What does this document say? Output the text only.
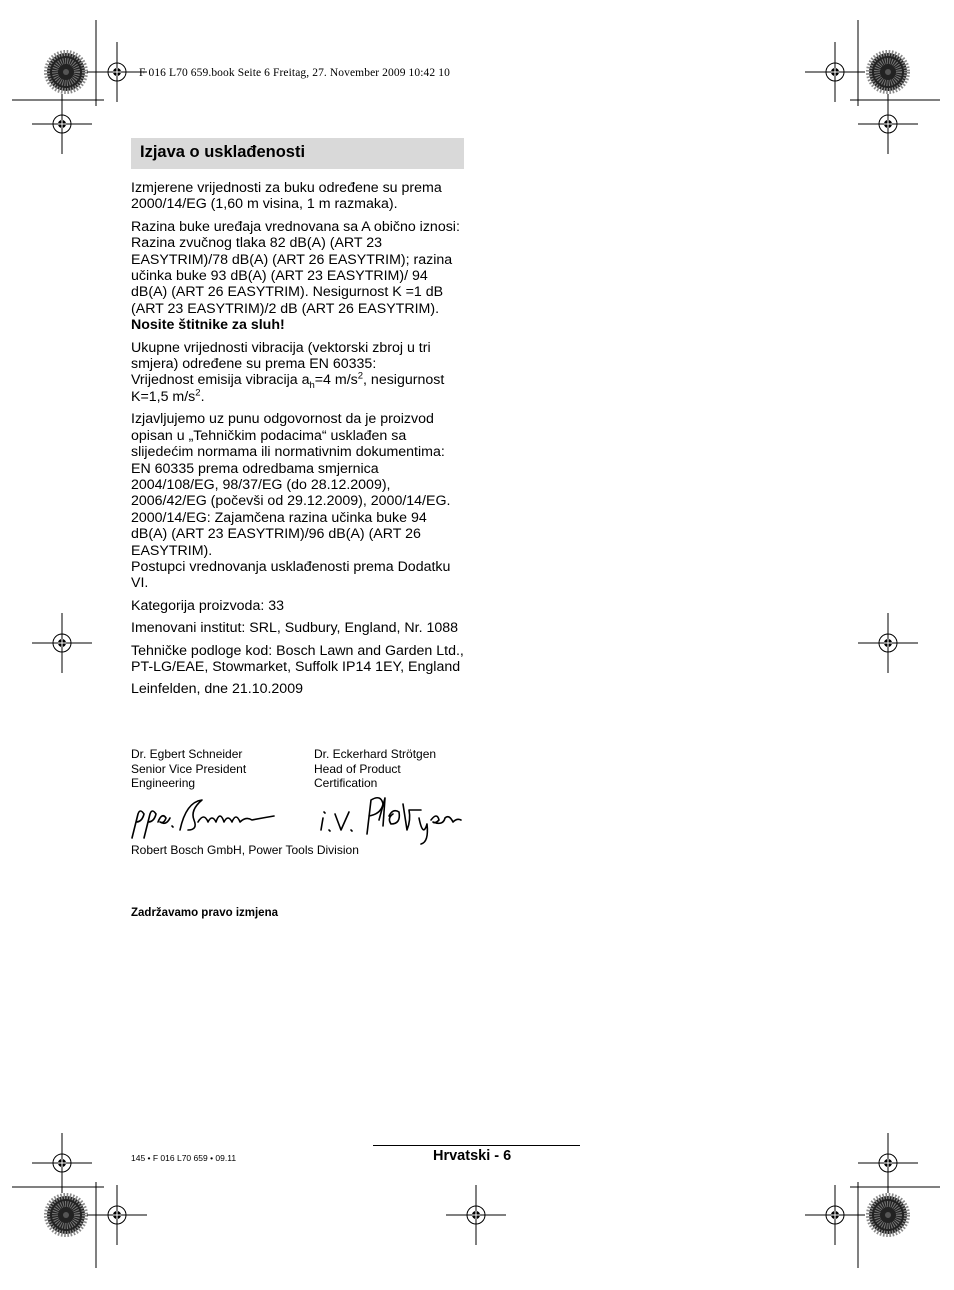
F 016 L70 659.book Seite 6 Freitag, 27. November 2009 10:42 10
Izjava o usklađenosti

Izmjerene vrijednosti za buku određene su prema 2000/14/EG (1,60 m visina, 1 m razmaka).

Razina buke uređaja vrednovana sa A obično iznosi: Razina zvučnog tlaka 82 dB(A) (ART 23 EASYTRIM)/78 dB(A) (ART 26 EASYTRIM); razina učinka buke 93 dB(A) (ART 23 EASYTRIM)/ 94 dB(A) (ART 26 EASYTRIM). Nesigurnost K =1 dB (ART 23 EASYTRIM)/2 dB (ART 26 EASYTRIM).

Nosite štitnike za sluh!

Ukupne vrijednosti vibracija (vektorski zbroj u tri smjera) određene su prema EN 60335:
Vrijednost emisija vibracija $a_h=4$ $m/s^2$, nesigurnost K=1,5 $m/s^2$.

Izjavljujemo uz punu odgovornost da je proizvod opisan u „Tehničkim podacima“ usklađen sa slijedećim normama ili normativnim dokumentima: EN 60335 prema odredbama smjernica 2004/108/EG, 98/37/EG (do 28.12.2009), 2006/42/EG (počevši od 29.12.2009), 2000/14/EG. 2000/14/EG: Zajamčena razina učinka buke 94 dB(A) (ART 23 EASYTRIM)/96 dB(A) (ART 26 EASYTRIM).
Postupci vrednovanja usklađenosti prema Dodatku VI.

Kategorija proizvoda: 33

Imenovani institut: SRL, Sudbury, England, Nr. 1088

Tehničke podloge kod: Bosch Lawn and Garden Ltd., PT-LG/EAE, Stowmarket, Suffolk IP14 1EY, England

Leinfelden, dne 21.10.2009

Dr. Egbert Schneider
Senior Vice President
Engineering
Dr. Eckerhard Strötgen
Head of Product
Certification
Robert Bosch GmbH, Power Tools Division
Zadržavamo pravo izmjena
145 • F 016 L70 659 • 09.11	Hrvatski - 6
